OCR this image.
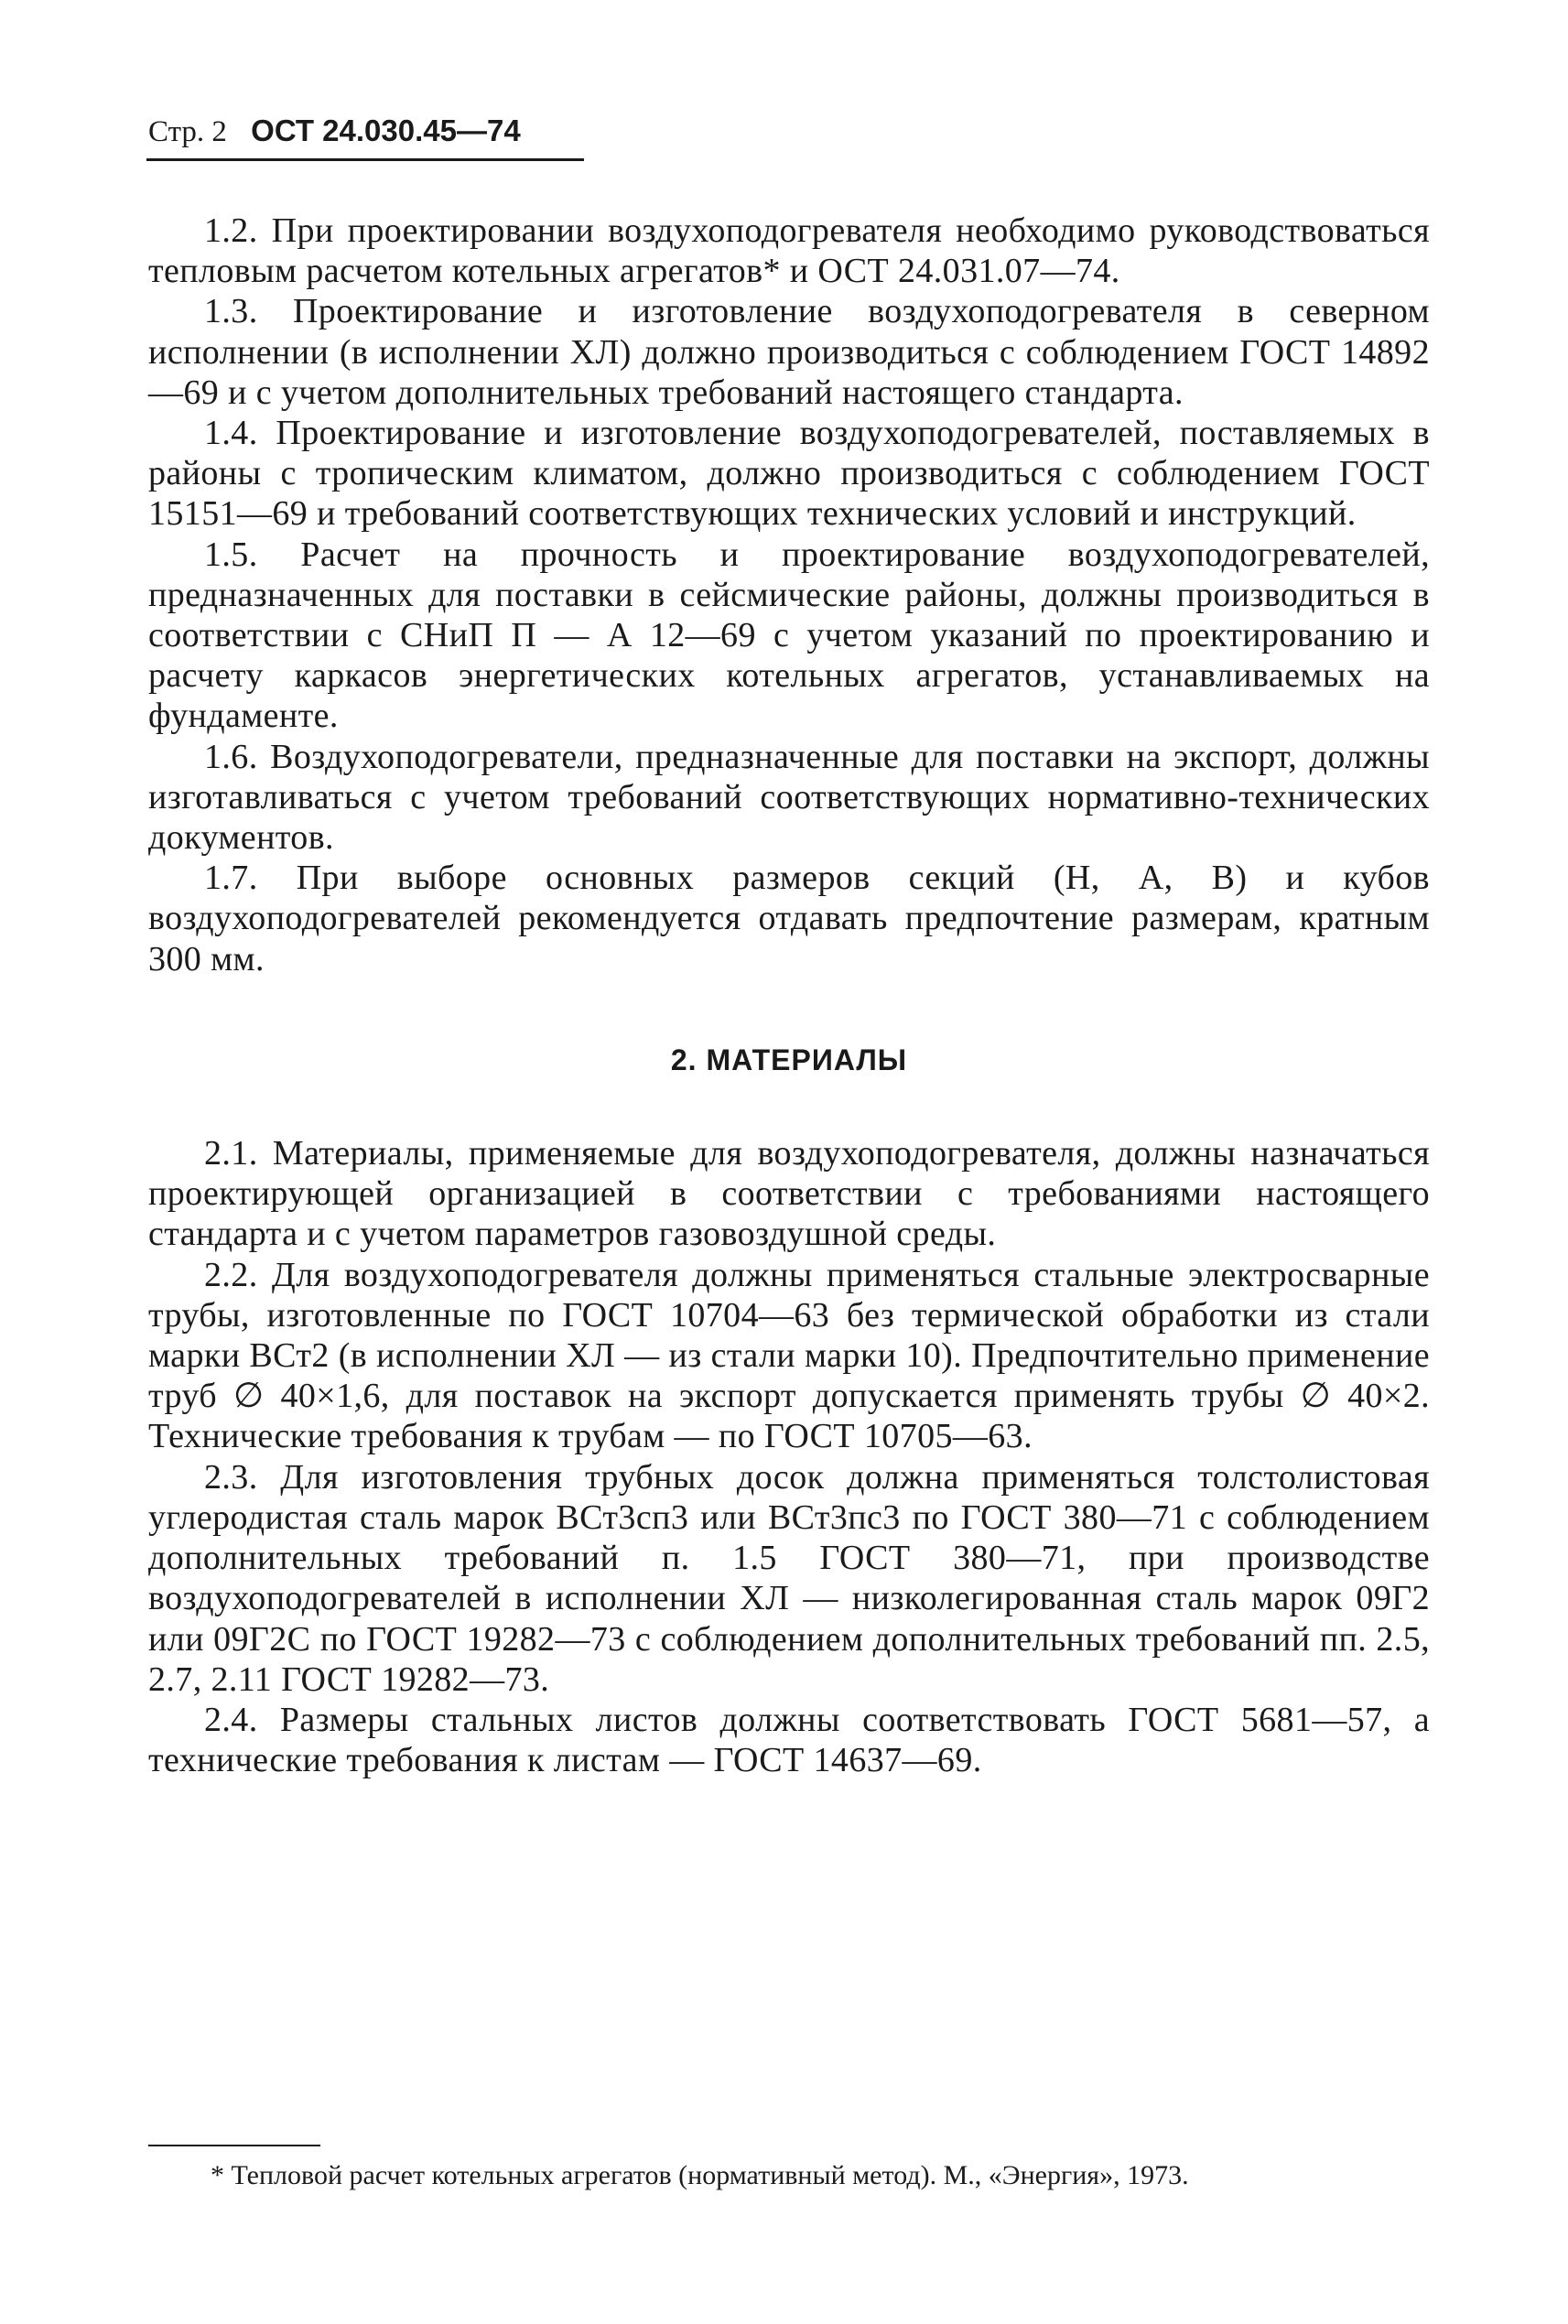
Стр. 2 ОСТ 24.030.45—74

1.2. При проектировании воздухоподогревателя необходимо руководствоваться тепловым расчетом котельных агрегатов* и ОСТ 24.031.07—74.

1.3. Проектирование и изготовление воздухоподогревателя в северном исполнении (в исполнении ХЛ) должно производиться с соблюдением ГОСТ 14892—69 и с учетом дополнительных требований настоящего стандарта.

1.4. Проектирование и изготовление воздухоподогревателей, поставляемых в районы с тропическим климатом, должно производиться с соблюдением ГОСТ 15151—69 и требований соответствующих технических условий и инструкций.

1.5. Расчет на прочность и проектирование воздухоподогревателей, предназначенных для поставки в сейсмические районы, должны производиться в соответствии с СНиП П — А 12—69 с учетом указаний по проектированию и расчету каркасов энергетических котельных агрегатов, устанавливаемых на фундаменте.

1.6. Воздухоподогреватели, предназначенные для поставки на экспорт, должны изготавливаться с учетом требований соответствующих нормативно-технических документов.

1.7. При выборе основных размеров секций (Н, А, В) и кубов воздухоподогревателей рекомендуется отдавать предпочтение размерам, кратным 300 мм.

2. МАТЕРИАЛЫ

2.1. Материалы, применяемые для воздухоподогревателя, должны назначаться проектирующей организацией в соответствии с требованиями настоящего стандарта и с учетом параметров газовоздушной среды.

2.2. Для воздухоподогревателя должны применяться стальные электросварные трубы, изготовленные по ГОСТ 10704—63 без термической обработки из стали марки ВСт2 (в исполнении ХЛ — из стали марки 10). Предпочтительно применение труб ∅ 40×1,6, для поставок на экспорт допускается применять трубы ∅ 40×2. Технические требования к трубам — по ГОСТ 10705—63.

2.3. Для изготовления трубных досок должна применяться толстолистовая углеродистая сталь марок ВСт3сп3 или ВСт3пс3 по ГОСТ 380—71 с соблюдением дополнительных требований п. 1.5 ГОСТ 380—71, при производстве воздухоподогревателей в исполнении ХЛ — низколегированная сталь марок 09Г2 или 09Г2С по ГОСТ 19282—73 с соблюдением дополнительных требований пп. 2.5, 2.7, 2.11 ГОСТ 19282—73.

2.4. Размеры стальных листов должны соответствовать ГОСТ 5681—57, а технические требования к листам — ГОСТ 14637—69.

* Тепловой расчет котельных агрегатов (нормативный метод). М., «Энергия», 1973.
